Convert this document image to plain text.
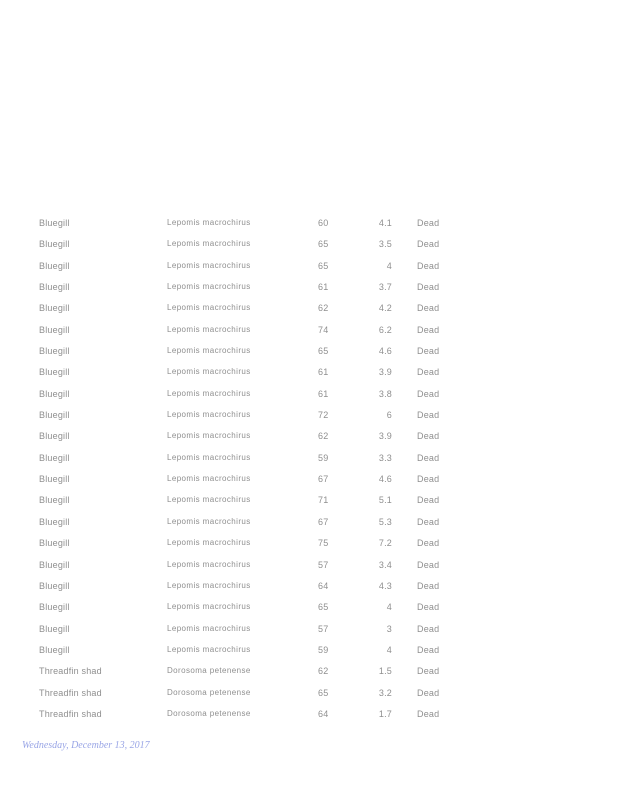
Bluegill	Lepomis macrochirus	60	4.1	Dead
Bluegill	Lepomis macrochirus	65	3.5	Dead
Bluegill	Lepomis macrochirus	65	4	Dead
Bluegill	Lepomis macrochirus	61	3.7	Dead
Bluegill	Lepomis macrochirus	62	4.2	Dead
Bluegill	Lepomis macrochirus	74	6.2	Dead
Bluegill	Lepomis macrochirus	65	4.6	Dead
Bluegill	Lepomis macrochirus	61	3.9	Dead
Bluegill	Lepomis macrochirus	61	3.8	Dead
Bluegill	Lepomis macrochirus	72	6	Dead
Bluegill	Lepomis macrochirus	62	3.9	Dead
Bluegill	Lepomis macrochirus	59	3.3	Dead
Bluegill	Lepomis macrochirus	67	4.6	Dead
Bluegill	Lepomis macrochirus	71	5.1	Dead
Bluegill	Lepomis macrochirus	67	5.3	Dead
Bluegill	Lepomis macrochirus	75	7.2	Dead
Bluegill	Lepomis macrochirus	57	3.4	Dead
Bluegill	Lepomis macrochirus	64	4.3	Dead
Bluegill	Lepomis macrochirus	65	4	Dead
Bluegill	Lepomis macrochirus	57	3	Dead
Bluegill	Lepomis macrochirus	59	4	Dead
Threadfin shad	Dorosoma petenense	62	1.5	Dead
Threadfin shad	Dorosoma petenense	65	3.2	Dead
Threadfin shad	Dorosoma petenense	64	1.7	Dead
Wednesday, December 13, 2017
